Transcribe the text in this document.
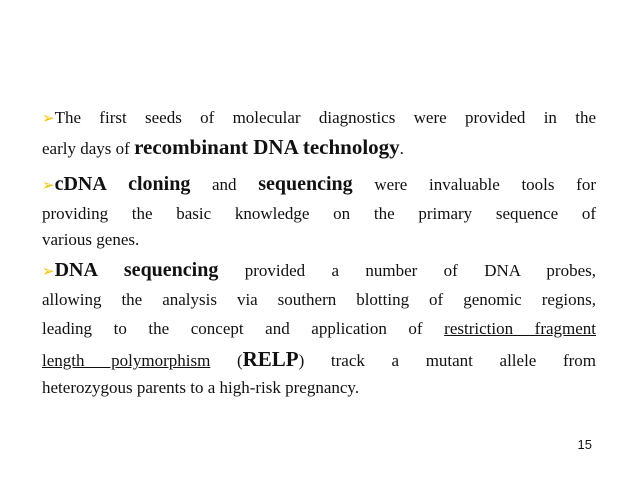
➢The first seeds of molecular diagnostics were provided in the
early days of recombinant DNA technology.
➢cDNA cloning and sequencing were invaluable tools for
providing the basic knowledge on the primary sequence of
various genes.
➢DNA sequencing provided a number of DNA probes,
allowing the analysis via southern blotting of genomic regions,
leading to the concept and application of restriction fragment
length polymorphism (RELP) track a mutant allele from
heterozygous parents to a high-risk pregnancy.
15
